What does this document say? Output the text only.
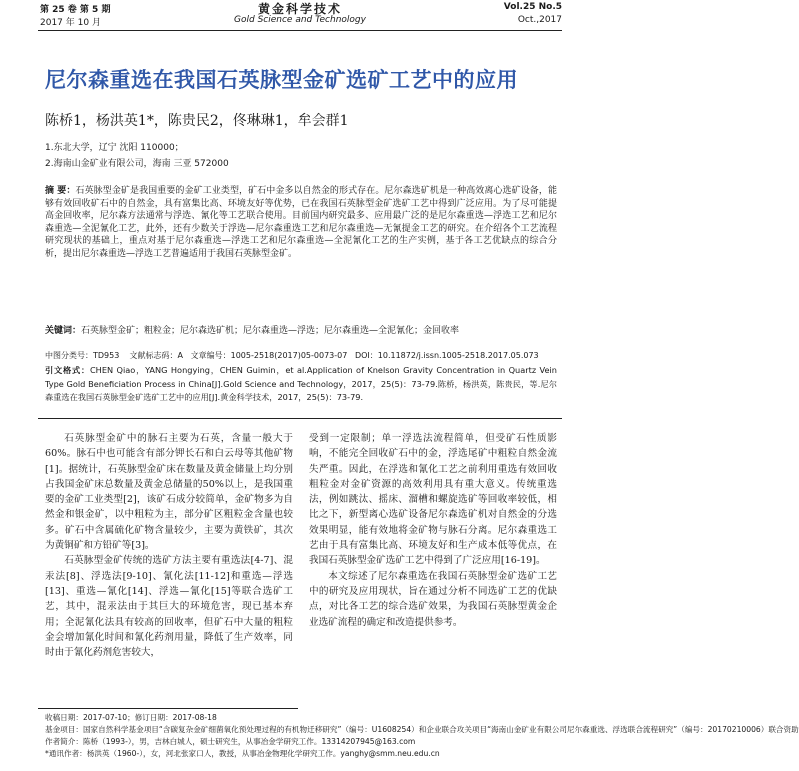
第 25 卷 第 5 期
2017 年 10 月
黄金科学技术
Gold Science and Technology
Vol.25 No.5
Oct.,2017
尼尔森重选在我国石英脉型金矿选矿工艺中的应用
陈桥1，杨洪英1*，陈贵民2，佟琳琳1，牟会群1
1.东北大学，辽宁 沈阳 110000；
2.海南山金矿业有限公司，海南 三亚 572000
摘 要：石英脉型金矿是我国重要的金矿工业类型，矿石中金多以自然金的形式存在。尼尔森选矿机是一种高效离心选矿设备，能够有效回收矿石中的自然金，具有富集比高、环境友好等优势，已在我国石英脉型金矿选矿工艺中得到广泛应用。为了尽可能提高金回收率，尼尔森方法通常与浮选、氰化等工艺联合使用。目前国内研究最多、应用最广泛的是尼尔森重选—浮选工艺和尼尔森重选—全泥氰化工艺，此外，还有少数关于浮选—尼尔森重选工艺和尼尔森重选—无氰提金工艺的研究。在介绍各个工艺流程研究现状的基础上，重点对基于尼尔森重选—浮选工艺和尼尔森重选—全泥氰化工艺的生产实例，基于各工艺优缺点的综合分析，提出尼尔森重选—浮选工艺普遍适用于我国石英脉型金矿。
关键词：石英脉型金矿；粗粒金；尼尔森选矿机；尼尔森重选—浮选；尼尔森重选—全泥氰化；金回收率
中图分类号：TD953 文献标志码：A 文章编号：1005-2518(2017)05-0073-07 DOI：10.11872/j.issn.1005-2518.2017.05.073
引文格式：CHEN Qiao，YANG Hongying，CHEN Guimin，et al.Application of Knelson Gravity Concentration in Quartz Vein Type Gold Beneficiation Process in China[J].Gold Science and Technology，2017，25(5)：73-79.陈桥，杨洪英，陈贵民，等.尼尔森重选在我国石英脉型金矿选矿工艺中的应用[J].黄金科学技术，2017，25(5)：73-79.

石英脉型金矿中的脉石主要为石英，含量一般大于60%。脉石中也可能含有部分钾长石和白云母等其他矿物[1]。据统计，石英脉型金矿床在数量及黄金储量上均分别占我国金矿床总数量及黄金总储量的50%以上，是我国重要的金矿工业类型[2]，该矿石成分较简单，金矿物多为自然金和银金矿，以中粗粒为主，部分矿区粗粒金含量也较多。矿石中含属硫化矿物含量较少，主要为黄铁矿，其次为黄铜矿和方铅矿等[3]。

石英脉型金矿传统的选矿方法主要有重选法[4-7]、混汞法[8]、浮选法[9-10]、氰化法[11-12]和重选—浮选[13]、重选—氰化[14]、浮选—氰化[15]等联合选矿工艺，其中，混汞法由于其巨大的环境危害，现已基本弃用；全泥氰化法具有较高的回收率，但矿石中大量的粗粒金会增加氰化时间和氰化药剂用量，降低了生产效率，同时由于氰化药剂危害较大，

受到一定限制；单一浮选法流程简单，但受矿石性质影响，不能完全回收矿石中的金，浮选尾矿中粗粒自然金流失严重。因此，在浮选和氰化工艺之前利用重选有效回收粗粒金对金矿资源的高效利用具有重大意义。传统重选法，例如跳汰、摇床、溜槽和螺旋选矿等回收率较低，相比之下，新型离心选矿设备尼尔森选矿机对自然金的分选效果明显，能有效地将金矿物与脉石分离。尼尔森重选工艺由于具有富集比高、环境友好和生产成本低等优点，在我国石英脉型金矿选矿工艺中得到了广泛应用[16-19]。

本文综述了尼尔森重选在我国石英脉型金矿选矿工艺中的研究及应用现状，旨在通过分析不同选矿工艺的优缺点，对比各工艺的综合选矿效果，为我国石英脉型黄金企业选矿流程的确定和改造提供参考。

收稿日期：2017-07-10；修订日期：2017-08-18
基金项目：国家自然科学基金项目“含碳复杂金矿细菌氧化预处理过程的有机物迁移研究”（编号：U1608254）和企业联合攻关项目“海南山金矿业有限公司尼尔森重选、浮选联合流程研究”（编号：20170210006）联合资助
作者简介：陈桥（1993-），男，吉林白城人，硕士研究生，从事冶金学研究工作。13314207945@163.com
*通讯作者：杨洪英（1960-），女，河北张家口人，教授，从事冶金物理化学研究工作。yanghy@smm.neu.edu.cn
